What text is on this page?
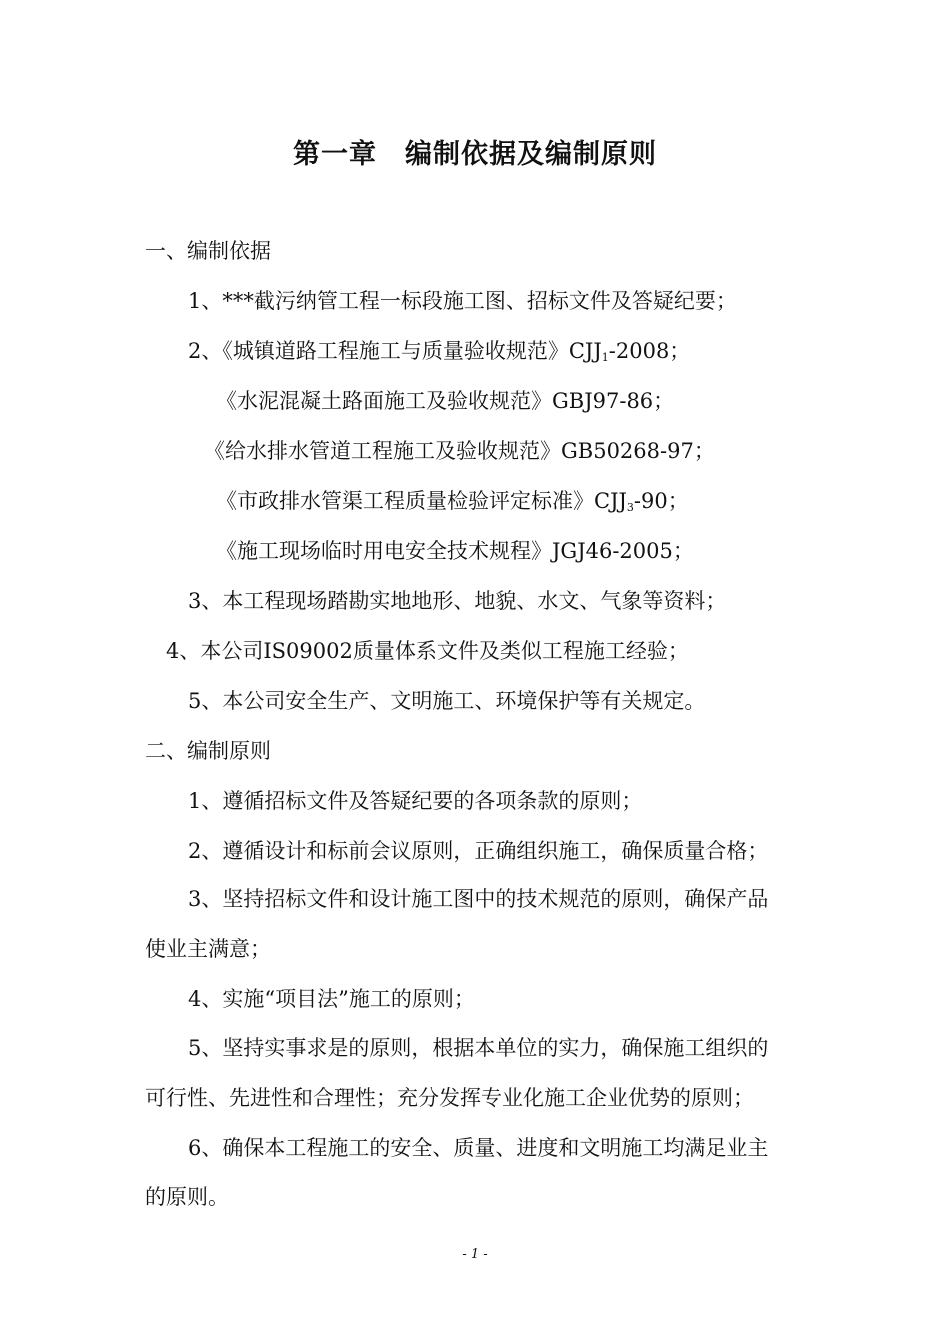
第一章　编制依据及编制原则
一、编制依据
1、***截污纳管工程一标段施工图、招标文件及答疑纪要；
2、《城镇道路工程施工与质量验收规范》$CJJ_1-2008$；
《水泥混凝土路面施工及验收规范》GBJ97-86；
《给水排水管道工程施工及验收规范》GB50268-97；
《市政排水管渠工程质量检验评定标准》$CJJ_3-90$；
《施工现场临时用电安全技术规程》JGJ46-2005；
3、本工程现场踏勘实地地形、地貌、水文、气象等资料；
4、本公司IS09002质量体系文件及类似工程施工经验；
5、本公司安全生产、文明施工、环境保护等有关规定。
二、编制原则
1、遵循招标文件及答疑纪要的各项条款的原则；
2、遵循设计和标前会议原则，正确组织施工，确保质量合格；
3、坚持招标文件和设计施工图中的技术规范的原则，确保产品
使业主满意；
4、实施“项目法”施工的原则；
5、坚持实事求是的原则，根据本单位的实力，确保施工组织的
可行性、先进性和合理性；充分发挥专业化施工企业优势的原则；
6、确保本工程施工的安全、质量、进度和文明施工均满足业主
的原则。
- 1 -
